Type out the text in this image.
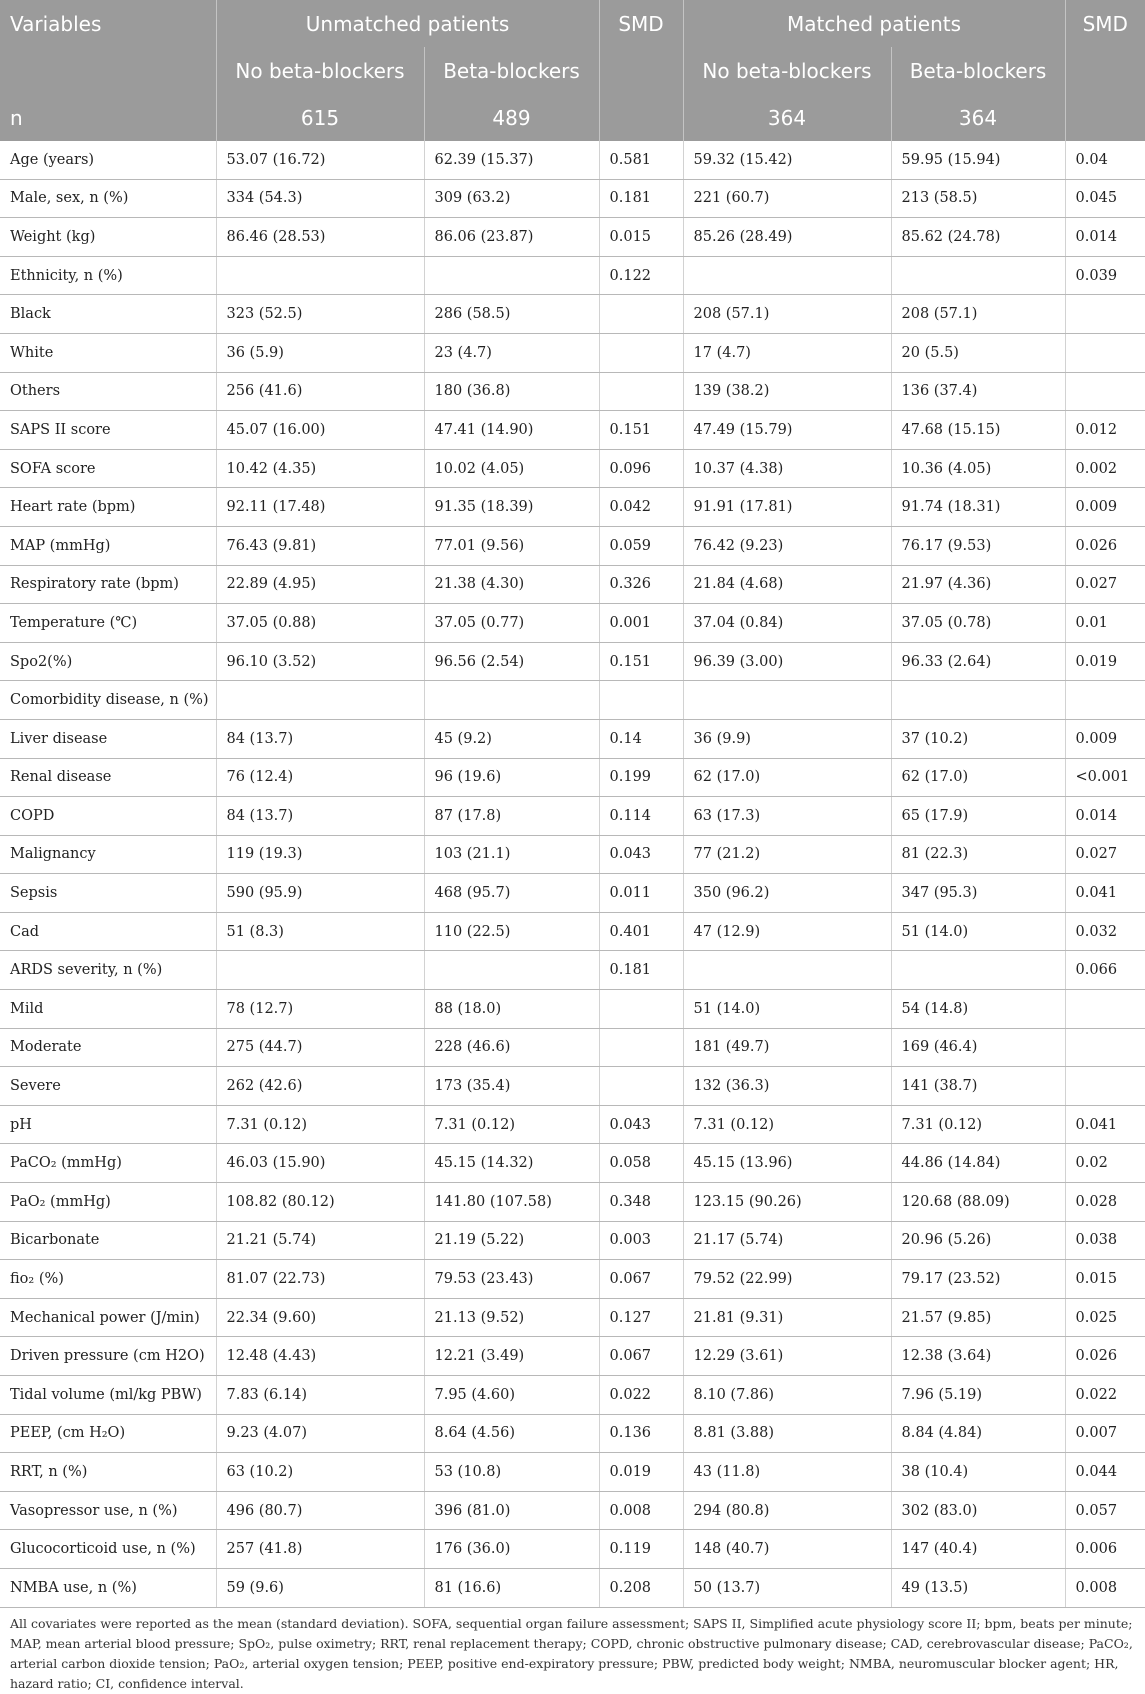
Variables	Unmatched patients		SMD	Matched patients		SMD
	No beta-blockers	Beta-blockers		No beta-blockers	Beta-blockers	
n	615	489		364	364	
Age (years)	53.07 (16.72)	62.39 (15.37)	0.581	59.32 (15.42)	59.95 (15.94)	0.04
Male, sex, n (%)	334 (54.3)	309 (63.2)	0.181	221 (60.7)	213 (58.5)	0.045
Weight (kg)	86.46 (28.53)	86.06 (23.87)	0.015	85.26 (28.49)	85.62 (24.78)	0.014
Ethnicity, n (%)			0.122			0.039
Black	323 (52.5)	286 (58.5)		208 (57.1)	208 (57.1)	
White	36 (5.9)	23 (4.7)		17 (4.7)	20 (5.5)	
Others	256 (41.6)	180 (36.8)		139 (38.2)	136 (37.4)	
SAPS II score	45.07 (16.00)	47.41 (14.90)	0.151	47.49 (15.79)	47.68 (15.15)	0.012
SOFA score	10.42 (4.35)	10.02 (4.05)	0.096	10.37 (4.38)	10.36 (4.05)	0.002
Heart rate (bpm)	92.11 (17.48)	91.35 (18.39)	0.042	91.91 (17.81)	91.74 (18.31)	0.009
MAP (mmHg)	76.43 (9.81)	77.01 (9.56)	0.059	76.42 (9.23)	76.17 (9.53)	0.026
Respiratory rate (bpm)	22.89 (4.95)	21.38 (4.30)	0.326	21.84 (4.68)	21.97 (4.36)	0.027
Temperature (℃)	37.05 (0.88)	37.05 (0.77)	0.001	37.04 (0.84)	37.05 (0.78)	0.01
Spo2(%)	96.10 (3.52)	96.56 (2.54)	0.151	96.39 (3.00)	96.33 (2.64)	0.019
Comorbidity disease, n (%)						
Liver disease	84 (13.7)	45 (9.2)	0.14	36 (9.9)	37 (10.2)	0.009
Renal disease	76 (12.4)	96 (19.6)	0.199	62 (17.0)	62 (17.0)	<0.001
COPD	84 (13.7)	87 (17.8)	0.114	63 (17.3)	65 (17.9)	0.014
Malignancy	119 (19.3)	103 (21.1)	0.043	77 (21.2)	81 (22.3)	0.027
Sepsis	590 (95.9)	468 (95.7)	0.011	350 (96.2)	347 (95.3)	0.041
Cad	51 (8.3)	110 (22.5)	0.401	47 (12.9)	51 (14.0)	0.032
ARDS severity, n (%)			0.181			0.066
Mild	78 (12.7)	88 (18.0)		51 (14.0)	54 (14.8)	
Moderate	275 (44.7)	228 (46.6)		181 (49.7)	169 (46.4)	
Severe	262 (42.6)	173 (35.4)		132 (36.3)	141 (38.7)	
pH	7.31 (0.12)	7.31 (0.12)	0.043	7.31 (0.12)	7.31 (0.12)	0.041
PaCO₂ (mmHg)	46.03 (15.90)	45.15 (14.32)	0.058	45.15 (13.96)	44.86 (14.84)	0.02
PaO₂ (mmHg)	108.82 (80.12)	141.80 (107.58)	0.348	123.15 (90.26)	120.68 (88.09)	0.028
Bicarbonate	21.21 (5.74)	21.19 (5.22)	0.003	21.17 (5.74)	20.96 (5.26)	0.038
fio₂ (%)	81.07 (22.73)	79.53 (23.43)	0.067	79.52 (22.99)	79.17 (23.52)	0.015
Mechanical power (J/min)	22.34 (9.60)	21.13 (9.52)	0.127	21.81 (9.31)	21.57 (9.85)	0.025
Driven pressure (cm H2O)	12.48 (4.43)	12.21 (3.49)	0.067	12.29 (3.61)	12.38 (3.64)	0.026
Tidal volume (ml/kg PBW)	7.83 (6.14)	7.95 (4.60)	0.022	8.10 (7.86)	7.96 (5.19)	0.022
PEEP, (cm H₂O)	9.23 (4.07)	8.64 (4.56)	0.136	8.81 (3.88)	8.84 (4.84)	0.007
RRT, n (%)	63 (10.2)	53 (10.8)	0.019	43 (11.8)	38 (10.4)	0.044
Vasopressor use, n (%)	496 (80.7)	396 (81.0)	0.008	294 (80.8)	302 (83.0)	0.057
Glucocorticoid use, n (%)	257 (41.8)	176 (36.0)	0.119	148 (40.7)	147 (40.4)	0.006
NMBA use, n (%)	59 (9.6)	81 (16.6)	0.208	50 (13.7)	49 (13.5)	0.008

All covariates were reported as the mean (standard deviation). SOFA, sequential organ failure assessment; SAPS II, Simplified acute physiology score II; bpm, beats per minute; MAP, mean arterial blood pressure; SpO₂, pulse oximetry; RRT, renal replacement therapy; COPD, chronic obstructive pulmonary disease; CAD, cerebrovascular disease; PaCO₂, arterial carbon dioxide tension; PaO₂, arterial oxygen tension; PEEP, positive end-expiratory pressure; PBW, predicted body weight; NMBA, neuromuscular blocker agent; HR, hazard ratio; CI, confidence interval.
